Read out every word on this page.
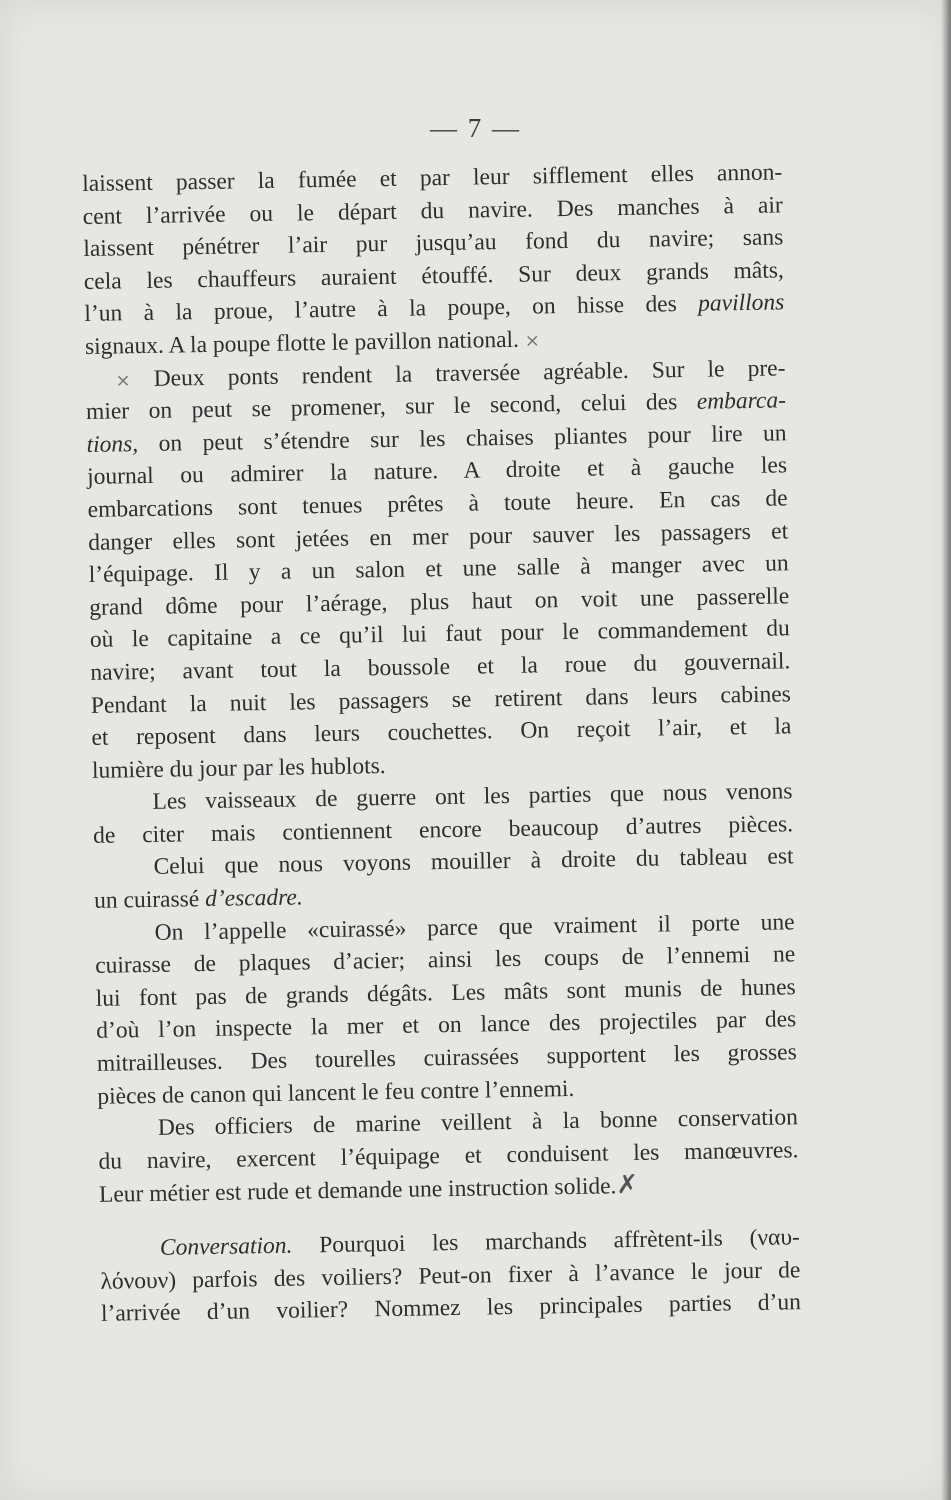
— 7 —
laissent passer la fumée et par leur sifflement elles annon-
cent l’arrivée ou le départ du navire. Des manches à air
laissent pénétrer l’air pur jusqu’au fond du navire; sans
cela les chauffeurs auraient étouffé. Sur deux grands mâts,
l’un à la proue, l’autre à la poupe, on hisse des pavillons
signaux. A la poupe flotte le pavillon national. ×
× Deux ponts rendent la traversée agréable. Sur le pre-
mier on peut se promener, sur le second, celui des embarca-
tions, on peut s’étendre sur les chaises pliantes pour lire un
journal ou admirer la nature. A droite et à gauche les
embarcations sont tenues prêtes à toute heure. En cas de
danger elles sont jetées en mer pour sauver les passagers et
l’équipage. Il y a un salon et une salle à manger avec un
grand dôme pour l’aérage, plus haut on voit une passerelle
où le capitaine a ce qu’il lui faut pour le commandement du
navire; avant tout la boussole et la roue du gouvernail.
Pendant la nuit les passagers se retirent dans leurs cabines
et reposent dans leurs couchettes. On reçoit l’air, et la
lumière du jour par les hublots.
Les vaisseaux de guerre ont les parties que nous venons
de citer mais contiennent encore beaucoup d’autres pièces.
Celui que nous voyons mouiller à droite du tableau est
un cuirassé d’escadre.
On l’appelle «cuirassé» parce que vraiment il porte une
cuirasse de plaques d’acier; ainsi les coups de l’ennemi ne
lui font pas de grands dégâts. Les mâts sont munis de hunes
d’où l’on inspecte la mer et on lance des projectiles par des
mitrailleuses. Des tourelles cuirassées supportent les grosses
pièces de canon qui lancent le feu contre l’ennemi.
Des officiers de marine veillent à la bonne conservation
du navire, exercent l’équipage et conduisent les manœuvres.
Leur métier est rude et demande une instruction solide.✗
Conversation. Pourquoi les marchands affrètent-ils (ναυ-
λόνουν) parfois des voiliers? Peut-on fixer à l’avance le jour de
l’arrivée d’un voilier? Nommez les principales parties d’un
